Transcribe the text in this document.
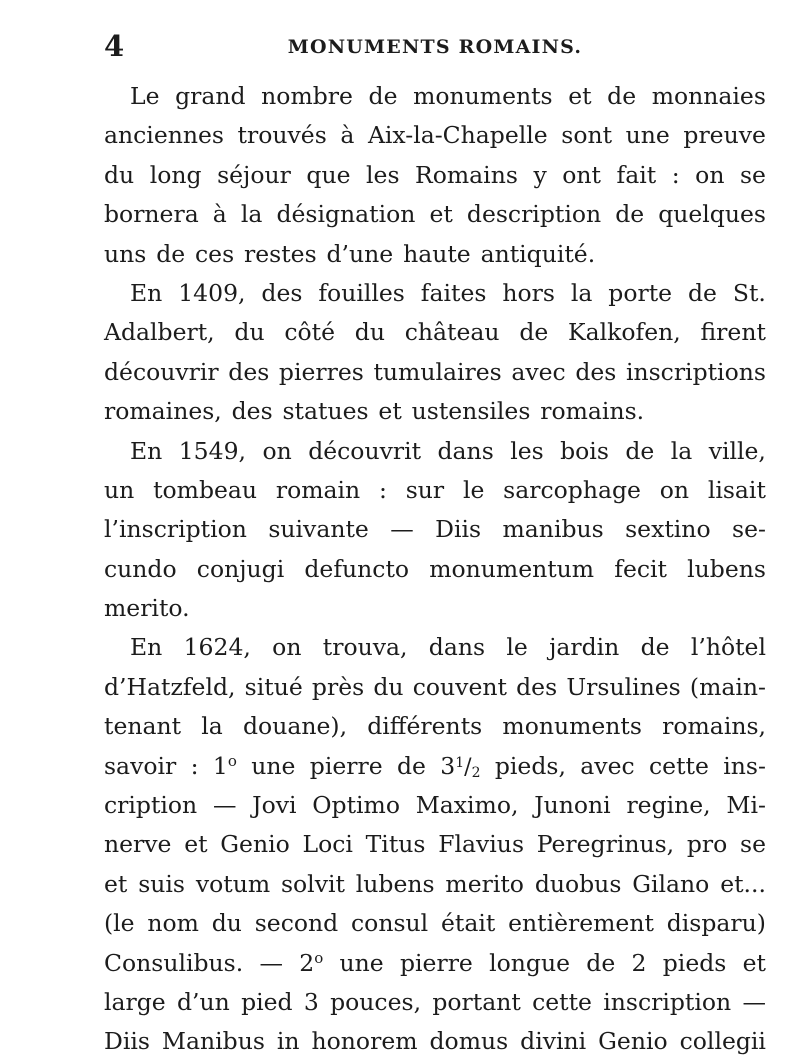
4	MONUMENTS ROMAINS.
Le grand nombre de monuments et de monnaies
anciennes trouvés à Aix-la-Chapelle sont une preuve
du long séjour que les Romains y ont fait : on se
bornera à la désignation et description de quelques
uns de ces restes d’une haute antiquité.
En 1409, des fouilles faites hors la porte de St.
Adalbert, du côté du château de Kalkofen, firent
découvrir des pierres tumulaires avec des inscriptions
romaines, des statues et ustensiles romains.
En 1549, on découvrit dans les bois de la ville,
un tombeau romain : sur le sarcophage on lisait
l’inscription suivante — Diis manibus sextino se-
cundo conjugi defuncto monumentum fecit lubens
merito.
En 1624, on trouva, dans le jardin de l’hôtel
d’Hatzfeld, situé près du couvent des Ursulines (main-
tenant la douane), différents monuments romains,
savoir : 1$^o$ une pierre de $3^1/_2$ pieds, avec cette ins-
cription — Jovi Optimo Maximo, Junoni regine, Mi-
nerve et Genio Loci Titus Flavius Peregrinus, pro se
et suis votum solvit lubens merito duobus Gilano et...
(le nom du second consul était entièrement disparu)
Consulibus. — 2$^o$ une pierre longue de 2 pieds et
large d’un pied 3 pouces, portant cette inscription —
Diis Manibus in honorem domus divini Genio collegii
